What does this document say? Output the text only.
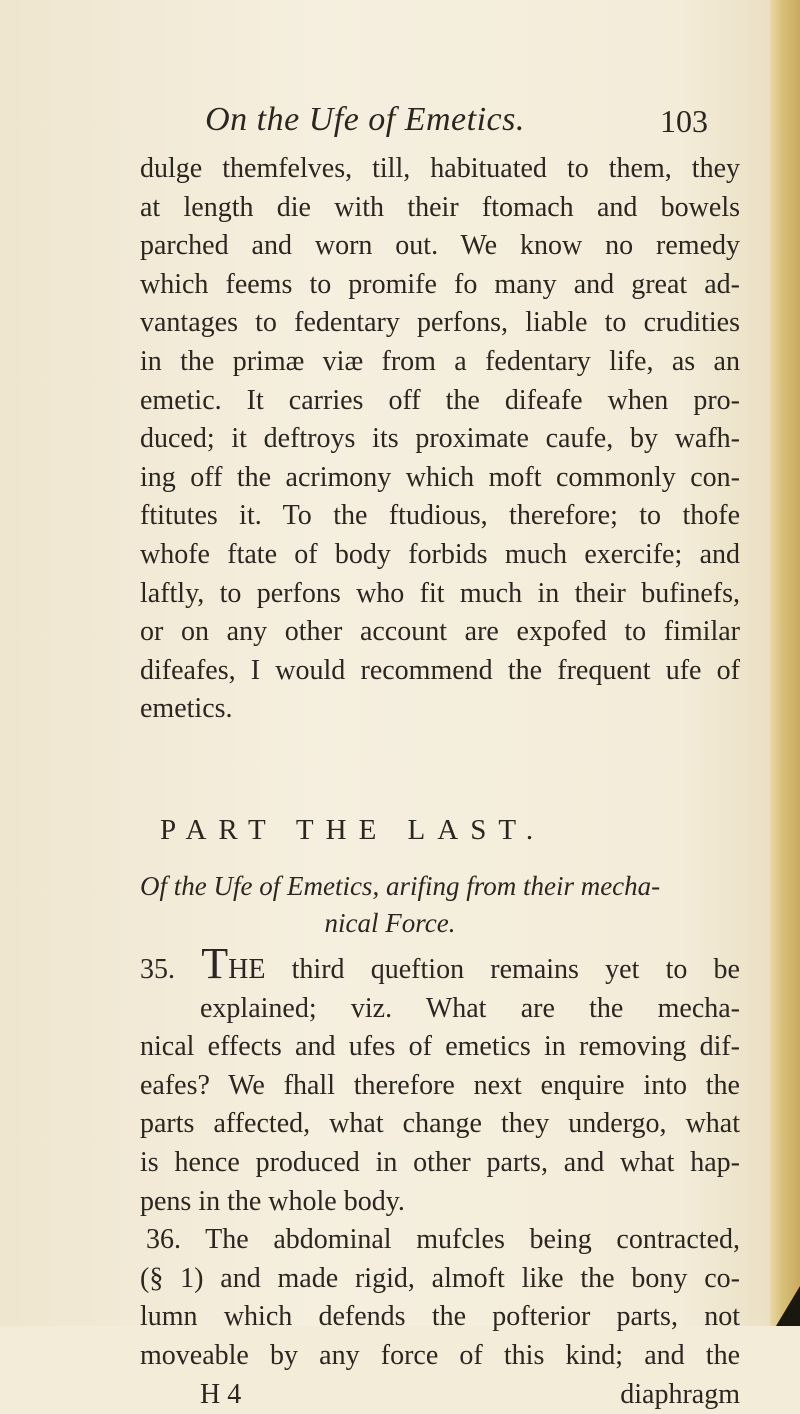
On the Ufe of Emetics.	103
dulge themfelves, till, habituated to them, they
at length die with their ftomach and bowels
parched and worn out. We know no remedy
which feems to promife fo many and great ad-
vantages to fedentary perfons, liable to crudities
in the primæ viæ from a fedentary life, as an
emetic. It carries off the difeafe when pro-
duced; it deftroys its proximate caufe, by wafh-
ing off the acrimony which moft commonly con-
ftitutes it. To the ftudious, therefore; to thofe
whofe ftate of body forbids much exercife; and
laftly, to perfons who fit much in their bufinefs,
or on any other account are expofed to fimilar
difeafes, I would recommend the frequent ufe of
emetics.
PART THE LAST.
Of the Ufe of Emetics, arifing from their mecha-
nical Force.
35. THE third queftion remains yet to be
explained; viz. What are the mecha-
nical effects and ufes of emetics in removing dif-
eafes? We fhall therefore next enquire into the
parts affected, what change they undergo, what
is hence produced in other parts, and what hap-
pens in the whole body.
36. The abdominal mufcles being contracted,
(§ 1) and made rigid, almoft like the bony co-
lumn which defends the pofterior parts, not
moveable by any force of this kind; and the
H 4	diaphragm
